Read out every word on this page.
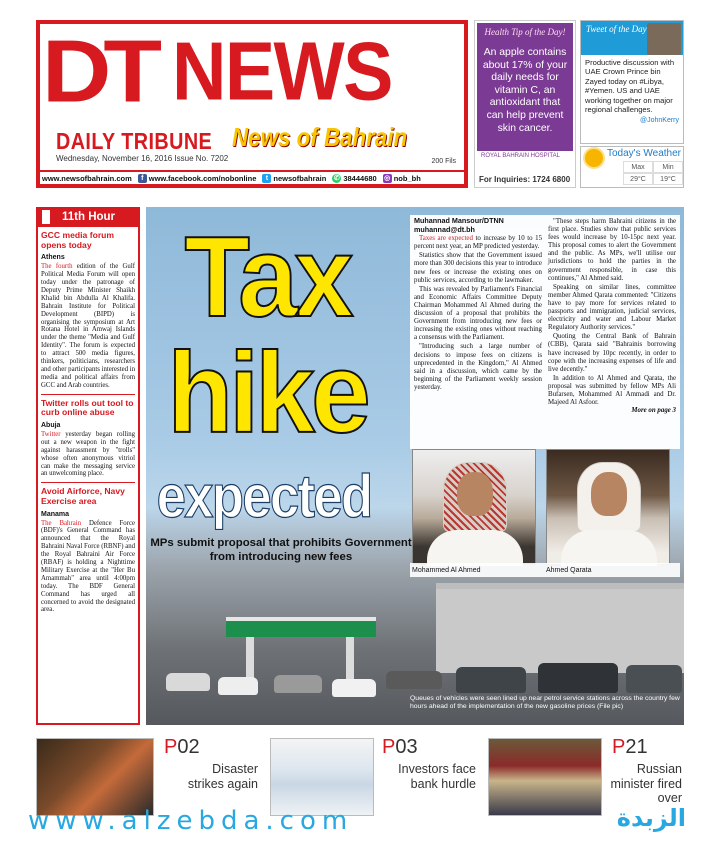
DT NEWS
DAILY TRIBUNE News of Bahrain
Wednesday, November 16, 2016 Issue No. 7202	200 Fils
www.newsofbahrain.com	f www.facebook.com/nobonline	t newsofbahrain ✆ 38444680 ◎ nob_bh
Health Tip of the Day!
An apple contains about 17% of your daily needs for vitamin C, an antioxidant that can help prevent skin cancer.
ROYAL BAHRAIN HOSPITAL
For Inquiries: 1724 6800
Tweet of the Day
Productive discussion with UAE Crown Prince bin Zayed today on #Libya, #Yemen. US and UAE working together on major regional challenges.
@JohnKerry
Today's Weather
Max	Min
29°C	19°C
11th Hour
GCC media forum opens today
Athens
The fourth edition of the Gulf Political Media Forum will open today under the patronage of Deputy Prime Minister Shaikh Khalid bin Abdulla Al Khalifa. Bahrain Institute for Political Development (BIPD) is organising the symposium at Art Rotana Hotel in Amwaj Islands under the theme "Media and Gulf Identity". The forum is expected to attract 500 media figures, thinkers, politicians, researchers and other participants interested in media and political affairs from GCC and Arab countries.
Twitter rolls out tool to curb online abuse
Abuja
Twitter yesterday began rolling out a new weapon in the fight against harassment by "trolls" whose often anonymous vitriol can make the messaging service an unwelcoming place.
Avoid Airforce, Navy Exercise area
Manama
The Bahrain Defence Force (BDF)'s General Command has announced that the Royal Bahraini Naval Force (RBNF) and the Royal Bahraini Air Force (RBAF) is holding a Nighttime Military Exercise at the "Her Bu Amammah" area until 4:00pm today. The BDF General Command has urged all concerned to avoid the designated area.
Tax
hike
expected
MPs submit proposal that prohibits Government from introducing new fees
Muhannad Mansour/DTNN
muhannad@dt.bh

Taxes are expected to increase by 10 to 15 percent next year, an MP predicted yesterday.

Statistics show that the Government issued more than 300 decisions this year to introduce new fees or increase the existing ones on public services, according to the lawmaker.

This was revealed by Parliament's Financial and Economic Affairs Committee Deputy Chairman Mohammed Al Ahmed during the discussion of a proposal that prohibits the Government from introducing new fees or increasing the existing ones without reaching a consensus with the Parliament.

"Introducing such a large number of decisions to impose fees on citizens is unprecedented in the Kingdom," Al Ahmed said in a discussion, which came by the beginning of the Parliament weekly session yesterday.

"These steps harm Bahraini citizens in the first place. Studies show that public services fees would increase by 10-15pc next year. This proposal comes to alert the Government and the public. As MPs, we'll utilise our jurisdictions to hold the parties in the government responsible, in case this continues," Al Ahmed said.

Speaking on similar lines, committee member Ahmed Qarata commented: "Citizens have to pay more for services related to passports and immigration, judicial services, electricity and water and Labour Market Regulatory Authority services."

Quoting the Central Bank of Bahrain (CBB), Qarata said "Bahrainis borrowing have increased by 10pc recently, in order to cope with the increasing expenses of life and live decently."

In addition to Al Ahmed and Qarata, the proposal was submitted by fellow MPs Ali Bufarsen, Mohammed Al Ammadi and Dr. Majeed Al Asfoor.

More on page 3
Mohammed Al Ahmed	Ahmed Qarata
Queues of vehicles were seen lined up near petrol service stations across the country few hours ahead of the implementation of the new gasoline prices (File pic)
P02
Disaster strikes again
P03
Investors face bank hurdle
P21
Russian minister fired over
www.alzebda.com	الزبدة
